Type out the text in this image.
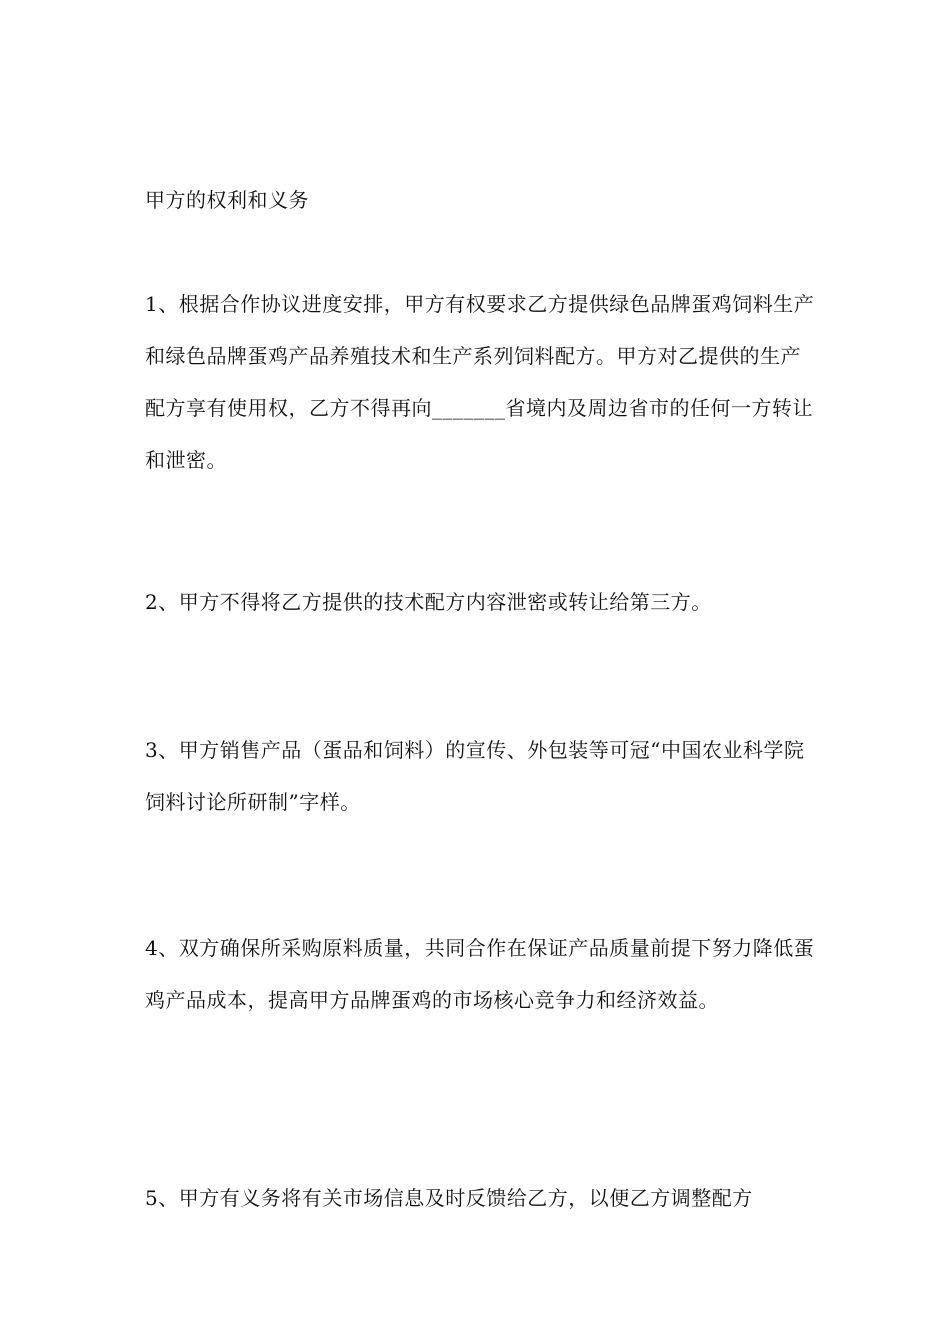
甲方的权利和义务
1、根据合作协议进度安排，甲方有权要求乙方提供绿色品牌蛋鸡饲料生产和绿色品牌蛋鸡产品养殖技术和生产系列饲料配方。甲方对乙提供的生产配方享有使用权，乙方不得再向_______省境内及周边省市的任何一方转让和泄密。
2、甲方不得将乙方提供的技术配方内容泄密或转让给第三方。
3、甲方销售产品（蛋品和饲料）的宣传、外包装等可冠“中国农业科学院饲料讨论所研制”字样。
4、双方确保所采购原料质量，共同合作在保证产品质量前提下努力降低蛋鸡产品成本，提高甲方品牌蛋鸡的市场核心竞争力和经济效益。
5、甲方有义务将有关市场信息及时反馈给乙方，以便乙方调整配方
